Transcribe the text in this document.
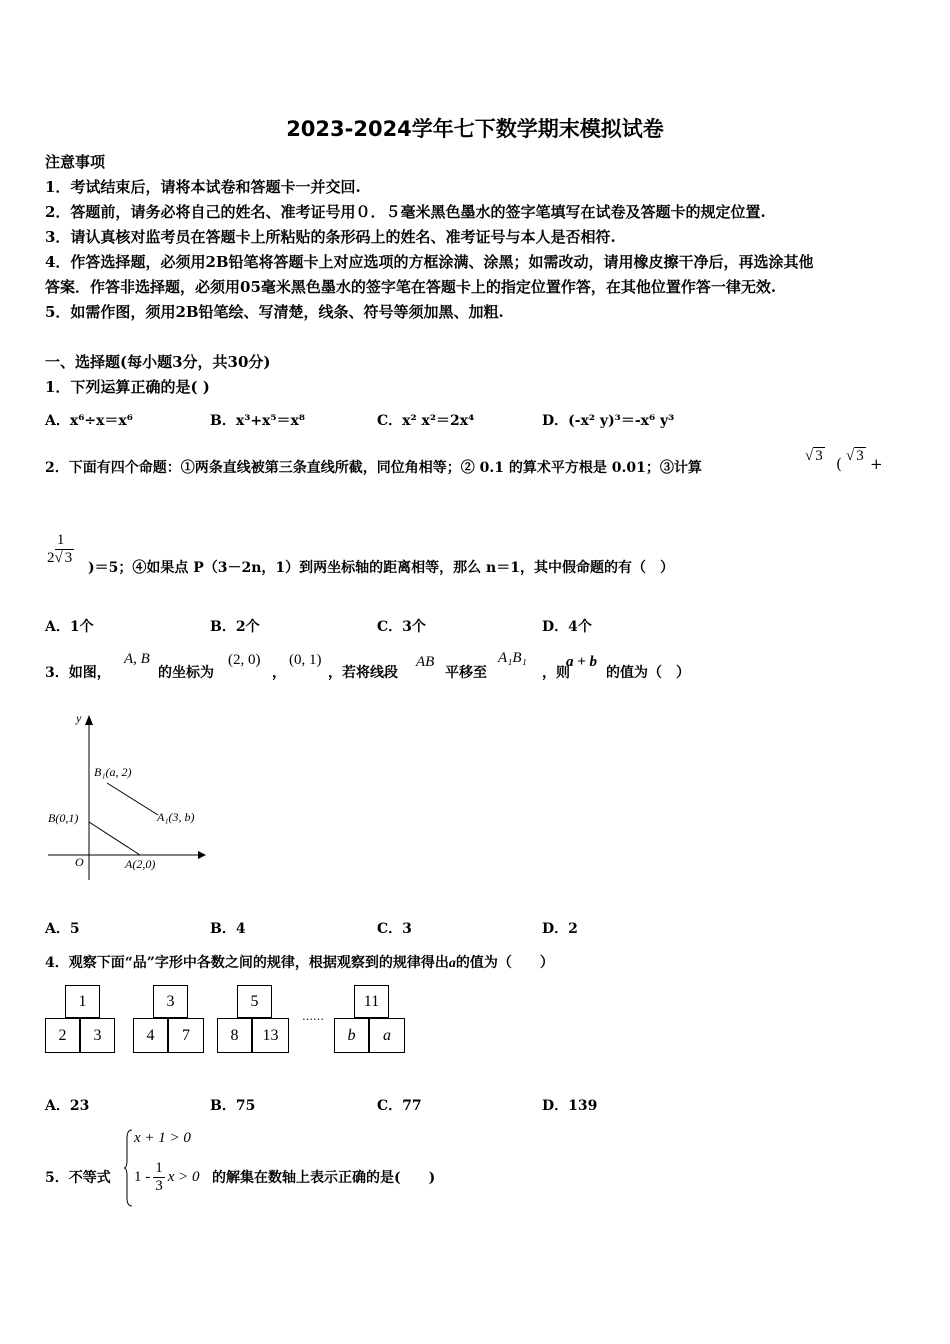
2023-2024学年七下数学期末模拟试卷
注意事项
1．考试结束后，请将本试卷和答题卡一并交回.
2．答题前，请务必将自己的姓名、准考证号用０．５毫米黑色墨水的签字笔填写在试卷及答题卡的规定位置.
3．请认真核对监考员在答题卡上所粘贴的条形码上的姓名、准考证号与本人是否相符.
4．作答选择题，必须用2B铅笔将答题卡上对应选项的方框涂满、涂黑；如需改动，请用橡皮擦干净后，再选涂其他
答案．作答非选择题，必须用05毫米黑色墨水的签字笔在答题卡上的指定位置作答，在其他位置作答一律无效.
5．如需作图，须用2B铅笔绘、写清楚，线条、符号等须加黑、加粗.
一、选择题(每小题3分，共30分)
1．下列运算正确的是( )
A．x⁶÷x＝x⁶	B．x³+x⁵＝x⁸	C．x² x²＝2x⁴	D．(-x² y)³＝-x⁶ y³
2．下面有四个命题：①两条直线被第三条直线所截，同位角相等；② 0.1 的算术平方根是 0.01；③计算
√ 3 ( √ 3 +
$\frac{1}{2√ 3}$
)＝5；④如果点 P（3－2n，1）到两坐标轴的距离相等，那么 n＝1，其中假命题的有（　）
A．1个	B．2个	C．3个	D．4个
3．如图，
A, B
的坐标为
(2, 0)
，
(0, 1)
，若将线段
AB
平移至
A₁B₁
，则
a + b
的值为（　）
y
B₁(a, 2)
A₁(3, b)
B(0,1)
O	A(2,0)
A．5	B．4	C．3	D．2
4．观察下面“品”字形中各数之间的规律，根据观察到的规律得出a的值为（　　）
1
2	3
3
4	7
5
8	13
……
11
b	a
A．23	B．75	C．77	D．139
5．不等式
x + 1 > 0
$1 - \frac{1}{3}$ x > 0 的解集在数轴上表示正确的是(　　)
